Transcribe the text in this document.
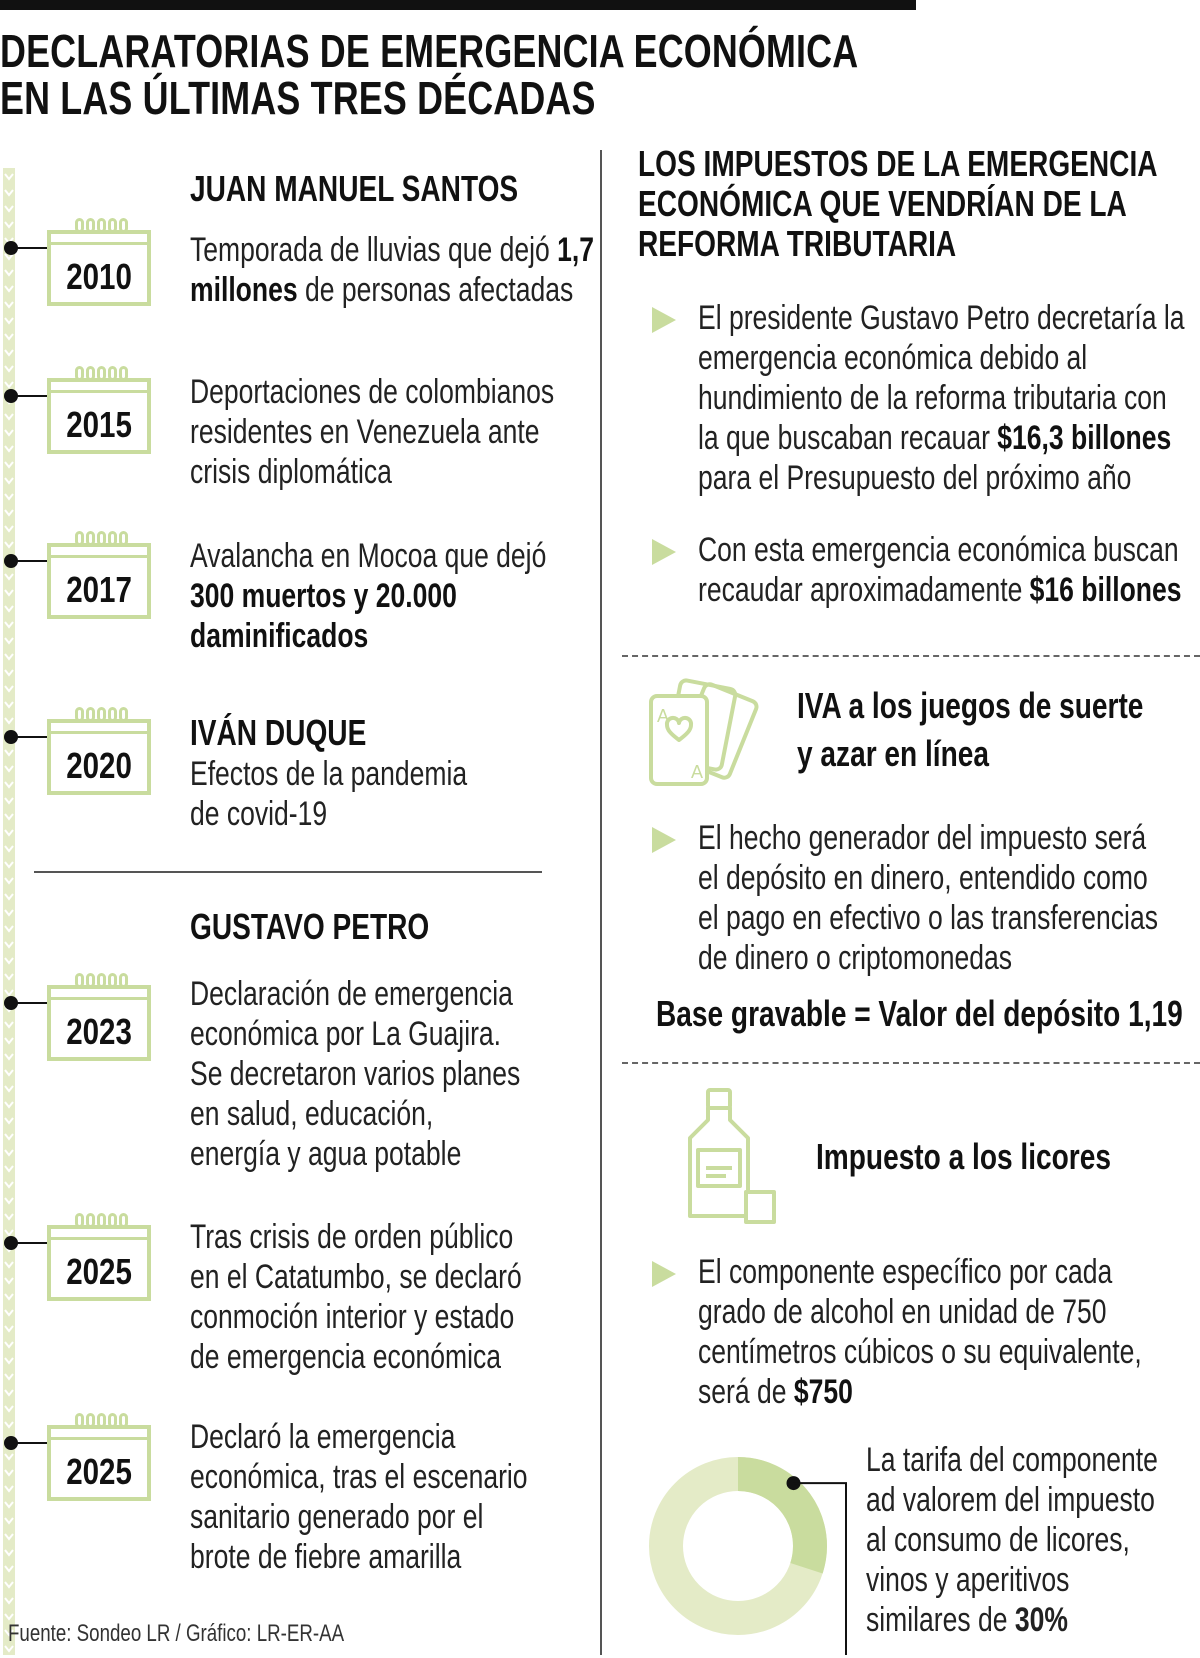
DECLARATORIAS DE EMERGENCIA ECONÓMICA
EN LAS ÚLTIMAS TRES DÉCADAS
JUAN MANUEL SANTOS
IVÁN DUQUE
GUSTAVO PETRO
2010
Temporada de lluvias que dejó 1,7
millones de personas afectadas
2015
Deportaciones de colombianos
residentes en Venezuela ante
crisis diplomática
2017
Avalancha en Mocoa que dejó
300 muertos y 20.000
daminificados
2020	Efectos de la pandemia
de covid-19
2023
Declaración de emergencia
económica por La Guajira.
Se decretaron varios planes
en salud, educación,
energía y agua potable
2025
Tras crisis de orden público
en el Catatumbo, se declaró
conmoción interior y estado
de emergencia económica
2025
Declaró la emergencia
económica, tras el escenario
sanitario generado por el
brote de fiebre amarilla
Fuente: Sondeo LR / Gráfico: LR-ER-AA
LOS IMPUESTOS DE LA EMERGENCIA
ECONÓMICA QUE VENDRÍAN DE LA
REFORMA TRIBUTARIA
El presidente Gustavo Petro decretaría la
emergencia económica debido al
hundimiento de la reforma tributaria con
la que buscaban recauar $16,3 billones
para el Presupuesto del próximo año
Con esta emergencia económica buscan
recaudar aproximadamente $16 billones
A
A
IVA a los juegos de suerte
y azar en línea
El hecho generador del impuesto será
el depósito en dinero, entendido como
el pago en efectivo o las transferencias
de dinero o criptomonedas
Base gravable = Valor del depósito 1,19
Impuesto a los licores
El componente específico por cada
grado de alcohol en unidad de 750
centímetros cúbicos o su equivalente,
será de $750
La tarifa del componente
ad valorem del impuesto
al consumo de licores,
vinos y aperitivos
similares de 30%
